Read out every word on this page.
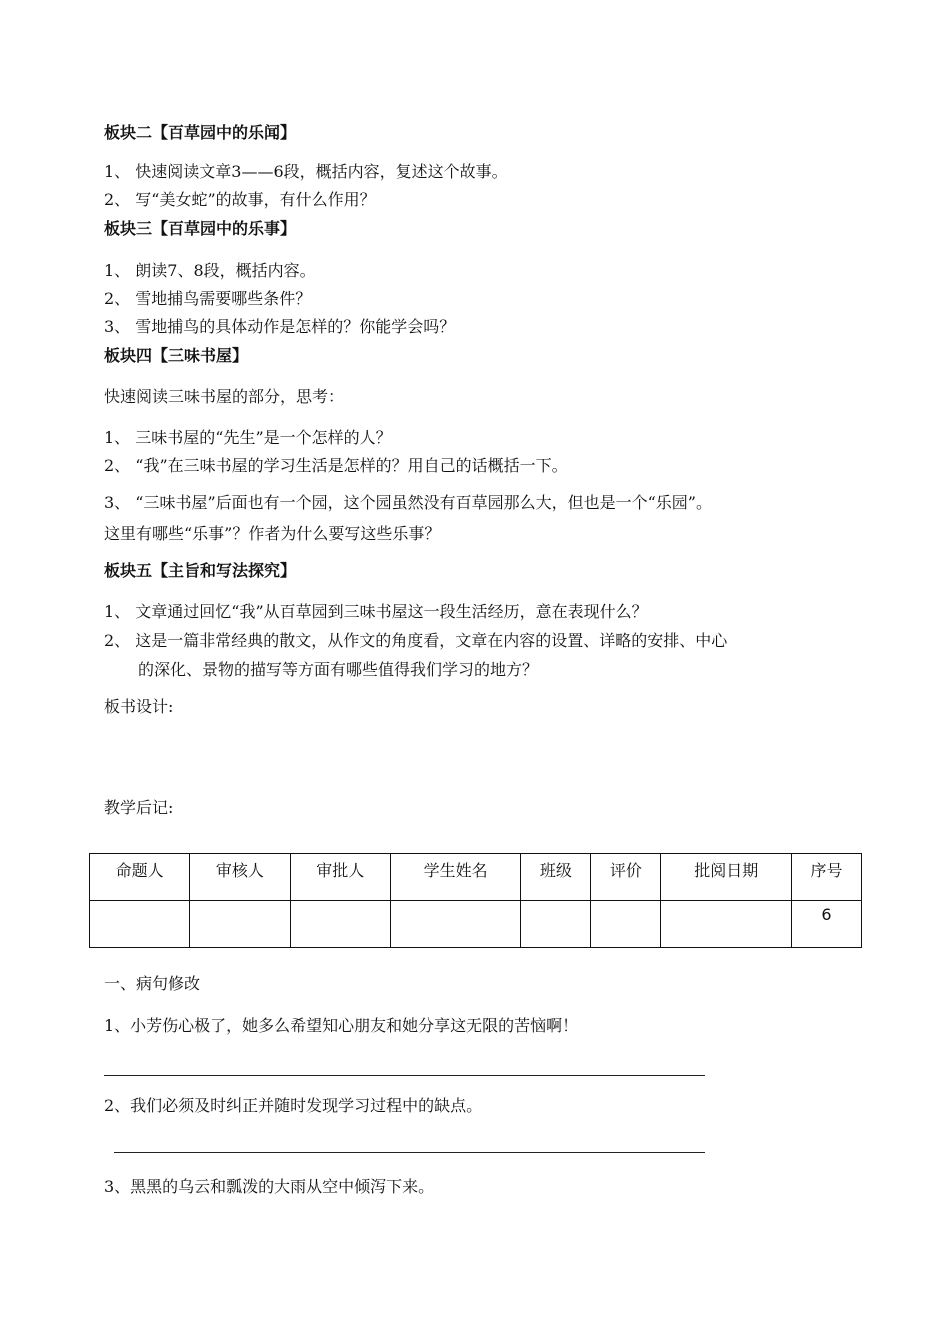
板块二【百草园中的乐闻】
1、 快速阅读文章3——6段，概括内容，复述这个故事。
2、 写“美女蛇”的故事，有什么作用？
板块三【百草园中的乐事】
1、 朗读7、8段，概括内容。
2、 雪地捕鸟需要哪些条件？
3、 雪地捕鸟的具体动作是怎样的？你能学会吗？
板块四【三味书屋】
快速阅读三味书屋的部分，思考：
1、 三味书屋的“先生”是一个怎样的人？
2、 “我”在三味书屋的学习生活是怎样的？用自己的话概括一下。
3、 “三味书屋”后面也有一个园，这个园虽然没有百草园那么大，但也是一个“乐园”。
这里有哪些“乐事”？作者为什么要写这些乐事？
板块五【主旨和写法探究】
1、 文章通过回忆“我”从百草园到三味书屋这一段生活经历，意在表现什么？
2、 这是一篇非常经典的散文，从作文的角度看，文章在内容的设置、详略的安排、中心
的深化、景物的描写等方面有哪些值得我们学习的地方？
板书设计:
教学后记:
命题人	审核人	审批人	学生姓名	班级	评价	批阅日期	序号
							6
一、病句修改
1、小芳伤心极了，她多么希望知心朋友和她分享这无限的苦恼啊！
2、我们必须及时纠正并随时发现学习过程中的缺点。
3、黑黑的乌云和瓢泼的大雨从空中倾泻下来。
